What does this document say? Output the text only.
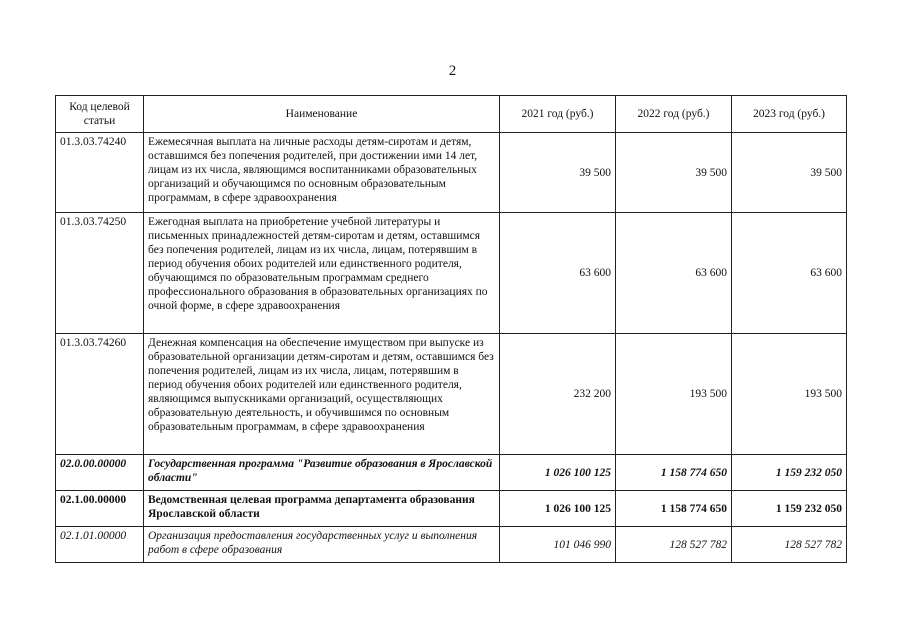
2
Код целевой статьи	Наименование	2021 год (руб.)	2022 год (руб.)	2023 год (руб.)
01.3.03.74240	Ежемесячная выплата на личные расходы детям-сиротам и детям, оставшимся без попечения родителей, при достижении ими 14 лет, лицам из их числа, являющимся воспитанниками образовательных организаций и обучающимся по основным образовательным программам, в сфере здравоохранения	39 500	39 500	39 500
01.3.03.74250	Ежегодная выплата на приобретение учебной литературы и письменных принадлежностей детям-сиротам и детям, оставшимся без попечения родителей, лицам из их числа, лицам, потерявшим в период обучения обоих родителей или единственного родителя, обучающимся по образовательным программам среднего профессионального образования в образовательных организациях по очной форме, в сфере здравоохранения	63 600	63 600	63 600
01.3.03.74260	Денежная компенсация на обеспечение имуществом при выпуске из образовательной организации детям-сиротам и детям, оставшимся без попечения родителей, лицам из их числа, лицам, потерявшим в период обучения обоих родителей или единственного родителя, являющимся выпускниками организаций, осуществляющих образовательную деятельность, и обучившимся по основным образовательным программам, в сфере здравоохранения	232 200	193 500	193 500
02.0.00.00000	Государственная программа "Развитие образования в Ярославской области"	1 026 100 125	1 158 774 650	1 159 232 050
02.1.00.00000	Ведомственная целевая программа департамента образования Ярославской области	1 026 100 125	1 158 774 650	1 159 232 050
02.1.01.00000	Организация предоставления государственных услуг и выполнения работ в сфере образования	101 046 990	128 527 782	128 527 782
